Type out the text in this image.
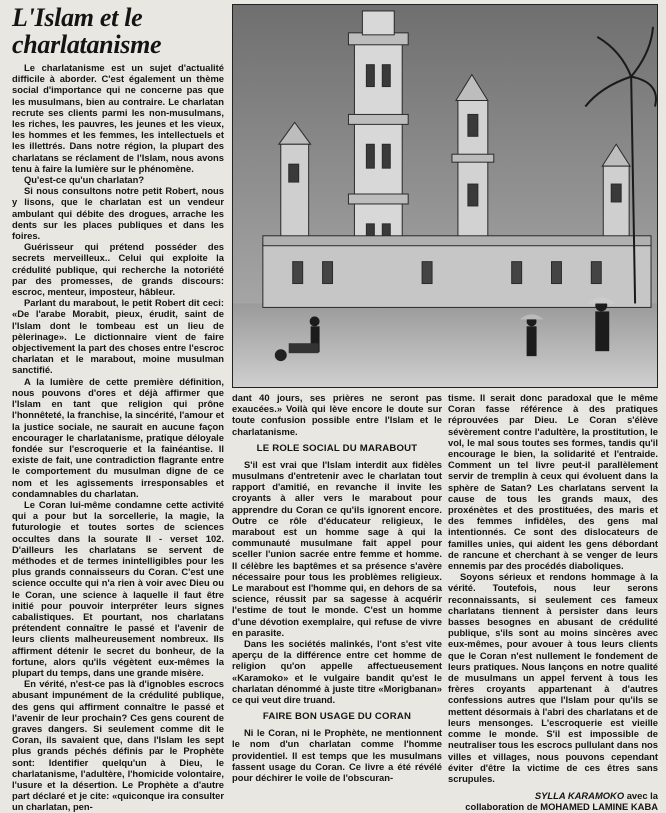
L'Islam et le charlatanisme

Le charlatanisme est un sujet d'actualité difficile à aborder. C'est également un thème social d'importance qui ne concerne pas que les musulmans, bien au contraire. Le charlatan recrute ses clients parmi les non-musulmans, les riches, les pauvres, les jeunes et les vieux, les hommes et les femmes, les intellectuels et les illettrés. Dans notre région, la plupart des charlatans se réclament de l'Islam, nous avons tenu à faire la lumière sur le phénomène.

Qu'est-ce qu'un charlatan?

Si nous consultons notre petit Robert, nous y lisons, que le charlatan est un vendeur ambulant qui débite des drogues, arrache les dents sur les places publiques et dans les foires.

Guérisseur qui prétend posséder des secrets merveilleux.. Celui qui exploite la crédulité publique, qui recherche la notoriété par des promesses, de grands discours: escroc, menteur, imposteur, hâbleur.

Parlant du marabout, le petit Robert dit ceci: «De l'arabe Morabit, pieux, érudit, saint de l'Islam dont le tombeau est un lieu de pèlerinage». Le dictionnaire vient de faire objectivement la part des choses entre l'escroc charlatan et le marabout, moine musulman sanctifié.

A la lumière de cette première définition, nous pouvons d'ores et déjà affirmer que l'Islam en tant que religion qui prône l'honnêteté, la franchise, la sincérité, l'amour et la justice sociale, ne saurait en aucune façon encourager le charlatanisme, pratique déloyale fondée sur l'escroquerie et la fainéantise. Il existe de fait, une contradiction flagrante entre le comportement du musulman digne de ce nom et les agissements irresponsables et condamnables du charlatan.

Le Coran lui-même condamne cette activité qui a pour but la sorcellerie, la magie, la futurologie et toutes sortes de sciences occultes dans la sourate II - verset 102. D'ailleurs les charlatans se servent de méthodes et de termes inintelligibles pour les plus grands connaisseurs du Coran. C'est une science occulte qui n'a rien à voir avec Dieu ou le Coran, une science à laquelle il faut être initié pour pouvoir interpréter leurs signes cabalistiques. Et pourtant, nos charlatans prétendent connaître le passé et l'avenir de leurs clients malheureusement nombreux. Ils affirment détenir le secret du bonheur, de la fortune, alors qu'ils végètent eux-mêmes la plupart du temps, dans une grande misère.

En vérité, n'est-ce pas là d'ignobles escrocs abusant impunément de la crédulité publique, des gens qui affirment connaître le passé et l'avenir de leur prochain? Ces gens courent de graves dangers. Si seulement comme dit le Coran, ils savaient que, dans l'Islam les sept plus grands péchés définis par le Prophète sont: Identifier quelqu'un à Dieu, le charlatanisme, l'adultère, l'homicide volontaire, l'usure et la désertion. Le Prophète a d'autre part déclaré et je cite: «quiconque ira consulter un charlatan, pen-

dant 40 jours, ses prières ne seront pas exaucées.» Voilà qui lève encore le doute sur toute confusion possible entre l'Islam et le charlatanisme.

LE ROLE SOCIAL DU MARABOUT

S'il est vrai que l'Islam interdit aux fidèles musulmans d'entretenir avec le charlatan tout rapport d'amitié, en revanche il invite les croyants à aller vers le marabout pour apprendre du Coran ce qu'ils ignorent encore. Outre ce rôle d'éducateur religieux, le marabout est un homme sage à qui la communauté musulmane fait appel pour sceller l'union sacrée entre femme et homme. Il célèbre les baptêmes et sa présence s'avère nécessaire pour tous les problèmes religieux. Le marabout est l'homme qui, en dehors de sa science, réussit par sa sagesse à acquérir l'estime de tout le monde. C'est un homme d'une dévotion exemplaire, qui refuse de vivre en parasite.

Dans les sociétés malinkés, l'ont s'est vite aperçu de la différence entre cet homme de religion qu'on appelle affectueusement «Karamoko» et le vulgaire bandit qu'est le charlatan dénommé à juste titre «Morigbanan» ce qui veut dire truand.

FAIRE BON USAGE DU CORAN

Ni le Coran, ni le Prophète, ne mentionnent le nom d'un charlatan comme l'homme providentiel. Il est temps que les musulmans fassent usage du Coran. Ce livre a été révélé pour déchirer le voile de l'obscuran-

tisme. Il serait donc paradoxal que le même Coran fasse référence à des pratiques réprouvées par Dieu. Le Coran s'élève sévèrement contre l'adultère, la prostitution, le vol, le mal sous toutes ses formes, tandis qu'il encourage le bien, la solidarité et l'entraide. Comment un tel livre peut-il parallèlement servir de tremplin à ceux qui évoluent dans la sphère de Satan? Les charlatans servent la cause de tous les grands maux, des proxénètes et des prostituées, des maris et des femmes infidèles, des gens mal intentionnés. Ce sont des dislocateurs de familles unies, qui aident les gens débordant de rancune et cherchant à se venger de leurs ennemis par des procédés diaboliques.

Soyons sérieux et rendons hommage à la vérité. Toutefois, nous leur serons reconnaissants, si seulement ces fameux charlatans tiennent à persister dans leurs basses besognes en abusant de crédulité publique, s'ils sont au moins sincères avec eux-mêmes, pour avouer à tous leurs clients que le Coran n'est nullement le fondement de leurs pratiques. Nous lançons en notre qualité de musulmans un appel fervent à tous les frères croyants appartenant à d'autres confessions autres que l'Islam pour qu'ils se mettent désormais à l'abri des charlatans et de leurs mensonges. L'escroquerie est vieille comme le monde. S'il est impossible de neutraliser tous les escrocs pullulant dans nos villes et villages, nous pouvons cependant éviter d'être la victime de ces êtres sans scrupules.

SYLLA KARAMOKO avec la
collaboration de MOHAMED LAMINE KABA
